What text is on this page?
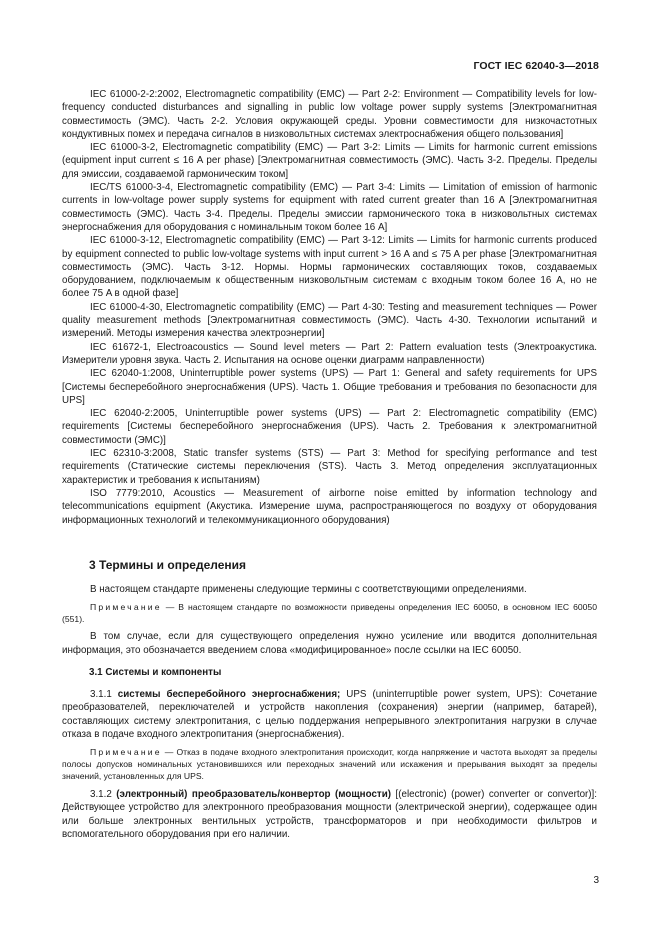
ГОСТ IEC 62040-3—2018

IEC 61000-2-2:2002, Electromagnetic compatibility (EMC) — Part 2-2: Environment — Compatibility levels for low-frequency conducted disturbances and signalling in public low voltage power supply systems [Электромагнитная совместимость (ЭМС). Часть 2-2. Условия окружающей среды. Уровни совместимости для низкочастотных кондуктивных помех и передача сигналов в низковольтных системах электроснабжения общего пользования]

IEC 61000-3-2, Electromagnetic compatibility (EMC) — Part 3-2: Limits — Limits for harmonic current emissions (equipment input current ≤ 16 A per phase) [Электромагнитная совместимость (ЭМС). Часть 3-2. Пределы. Пределы для эмиссии, создаваемой гармоническим током]

IEC/TS 61000-3-4, Electromagnetic compatibility (EMC) — Part 3-4: Limits — Limitation of emission of harmonic currents in low-voltage power supply systems for equipment with rated current greater than 16 A [Электромагнитная совместимость (ЭМС). Часть 3-4. Пределы. Пределы эмиссии гармонического тока в низковольтных системах энергоснабжения для оборудования с номинальным током более 16 A]

IEC 61000-3-12, Electromagnetic compatibility (EMC) — Part 3-12: Limits — Limits for harmonic currents produced by equipment connected to public low-voltage systems with input current > 16 A and ≤ 75 A per phase [Электромагнитная совместимость (ЭМС). Часть 3-12. Нормы. Нормы гармонических составляющих токов, создаваемых оборудованием, подключаемым к общественным низковольтным системам с входным током более 16 A, но не более 75 A в одной фазе]

IEC 61000-4-30, Electromagnetic compatibility (EMC) — Part 4-30: Testing and measurement techniques — Power quality measurement methods [Электромагнитная совместимость (ЭМС). Часть 4-30. Технологии испытаний и измерений. Методы измерения качества электроэнергии]

IEC 61672-1, Electroacoustics — Sound level meters — Part 2: Pattern evaluation tests (Электроакустика. Измерители уровня звука. Часть 2. Испытания на основе оценки диаграмм направленности)

IEC 62040-1:2008, Uninterruptible power systems (UPS) — Part 1: General and safety requirements for UPS [Системы бесперебойного энергоснабжения (UPS). Часть 1. Общие требования и требования по безопасности для UPS]

IEC 62040-2:2005, Uninterruptible power systems (UPS) — Part 2: Electromagnetic compatibility (EMC) requirements [Системы бесперебойного энергоснабжения (UPS). Часть 2. Требования к электромагнитной совместимости (ЭМС)]

IEC 62310-3:2008, Static transfer systems (STS) — Part 3: Method for specifying performance and test requirements (Статические системы переключения (STS). Часть 3. Метод определения эксплуатационных характеристик и требования к испытаниям)

ISO 7779:2010, Acoustics — Measurement of airborne noise emitted by information technology and telecommunications equipment (Акустика. Измерение шума, распространяющегося по воздуху от оборудования информационных технологий и телекоммуникационного оборудования)

3 Термины и определения

В настоящем стандарте применены следующие термины с соответствующими определениями.

Примечание — В настоящем стандарте по возможности приведены определения IEC 60050, в основном IEC 60050 (551).

В том случае, если для существующего определения нужно усиление или вводится дополнительная информация, это обозначается введением слова «модифицированное» после ссылки на IEC 60050.

3.1 Системы и компоненты

3.1.1 системы бесперебойного энергоснабжения; UPS (uninterruptible power system, UPS): Сочетание преобразователей, переключателей и устройств накопления (сохранения) энергии (например, батарей), составляющих систему электропитания, с целью поддержания непрерывного электропитания нагрузки в случае отказа в подаче входного электропитания (энергоснабжения).

Примечание — Отказ в подаче входного электропитания происходит, когда напряжение и частота выходят за пределы полосы допусков номинальных установившихся или переходных значений или искажения и прерывания выходят за пределы значений, установленных для UPS.

3.1.2 (электронный) преобразователь/конвертор (мощности) [(electronic) (power) converter or convertor)]: Действующее устройство для электронного преобразования мощности (электрической энергии), содержащее один или больше электронных вентильных устройств, трансформаторов и при необходимости фильтров и вспомогательного оборудования при его наличии.

3
